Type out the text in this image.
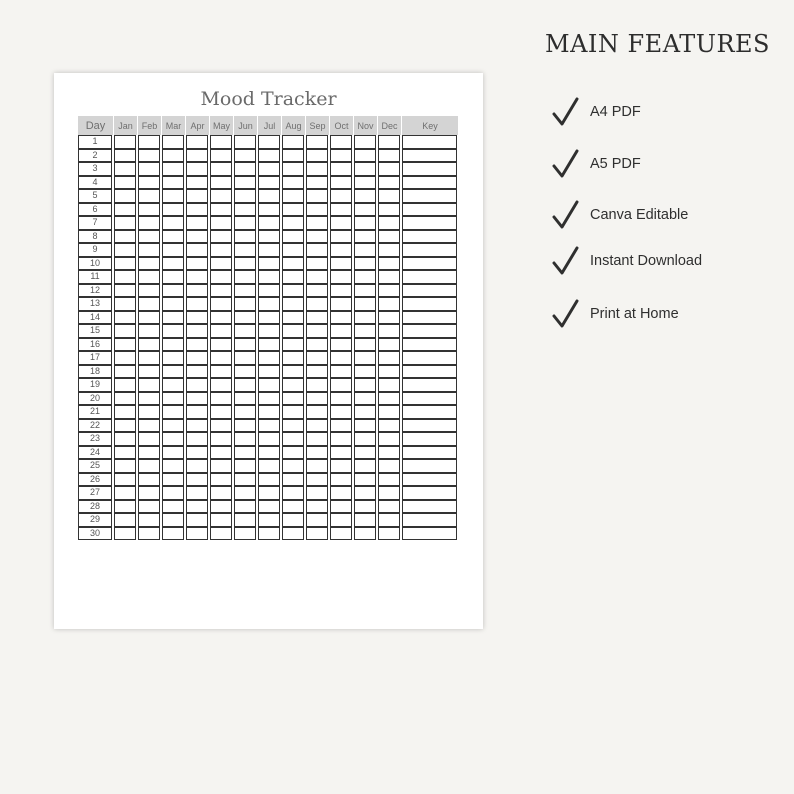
Mood Tracker
Day	Jan	Feb	Mar	Apr	May	Jun	Jul	Aug	Sep	Oct	Nov	Dec	Key

1													

2													

3													

4													

5													

6													

7													

8													

9													

10													

11													

12													

13													

14													

15													

16													

17													

18													

19													

20													

21													

22													

23													

24													

25													

26													

27													

28													

29													

30													

MAIN FEATURES
A4 PDF
A5 PDF
Canva Editable
Instant Download
Print at Home
